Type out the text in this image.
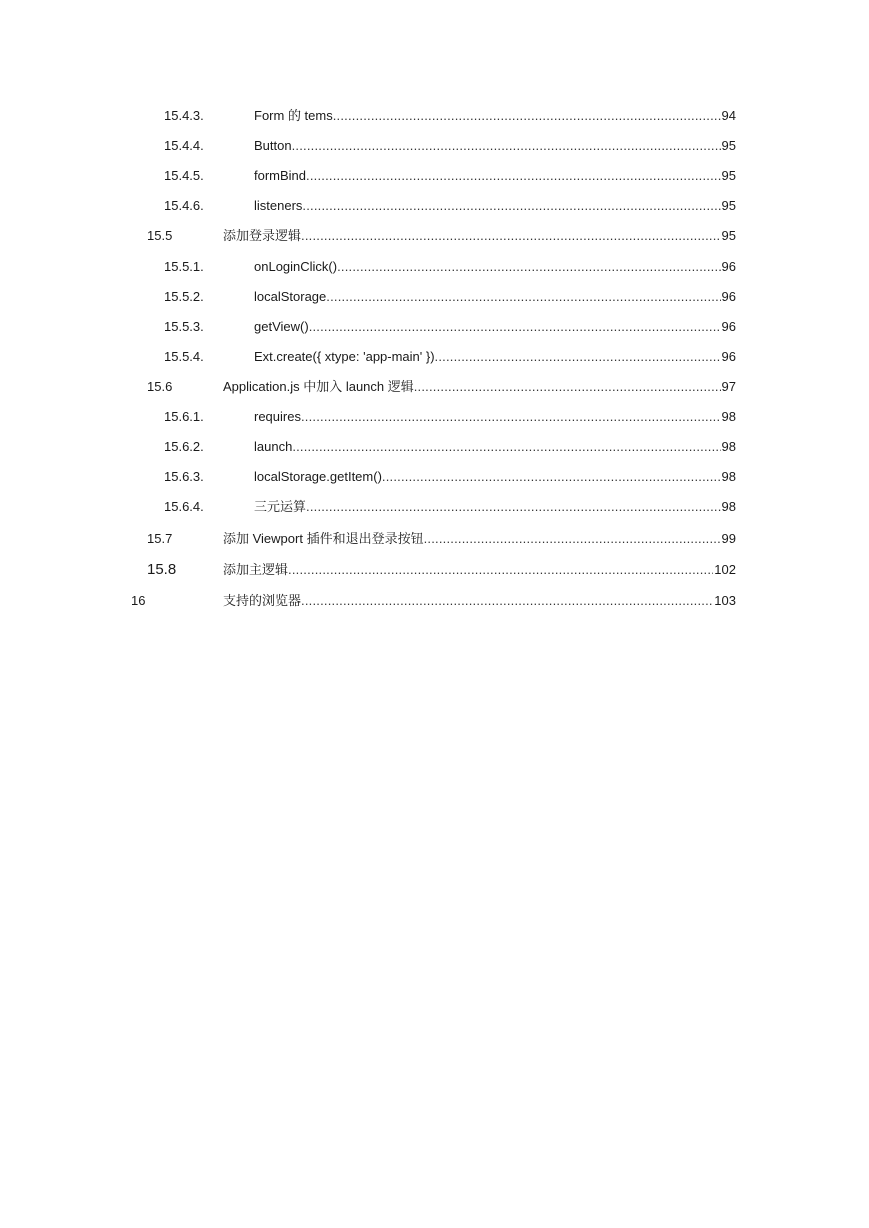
15.4.3.	Form 的 tems .....	94
15.4.4.	Button .....	95
15.4.5.	formBind .....	95
15.4.6.	listeners .....	95
15.5	添加登录逻辑 .....	95
15.5.1.	onLoginClick() .....	96
15.5.2.	localStorage .....	96
15.5.3.	getView() .....	96
15.5.4.	Ext.create({ xtype: 'app-main' }) .....	96
15.6	Application.js 中加入 launch 逻辑 .....	97
15.6.1.	requires .....	98
15.6.2.	launch .....	98
15.6.3.	localStorage.getItem() .....	98
15.6.4.	三元运算 .....	98
15.7	添加 Viewport 插件和退出登录按钮 .....	99
15.8	添加主逻辑 .....	102
16	支持的浏览器 .....	103
